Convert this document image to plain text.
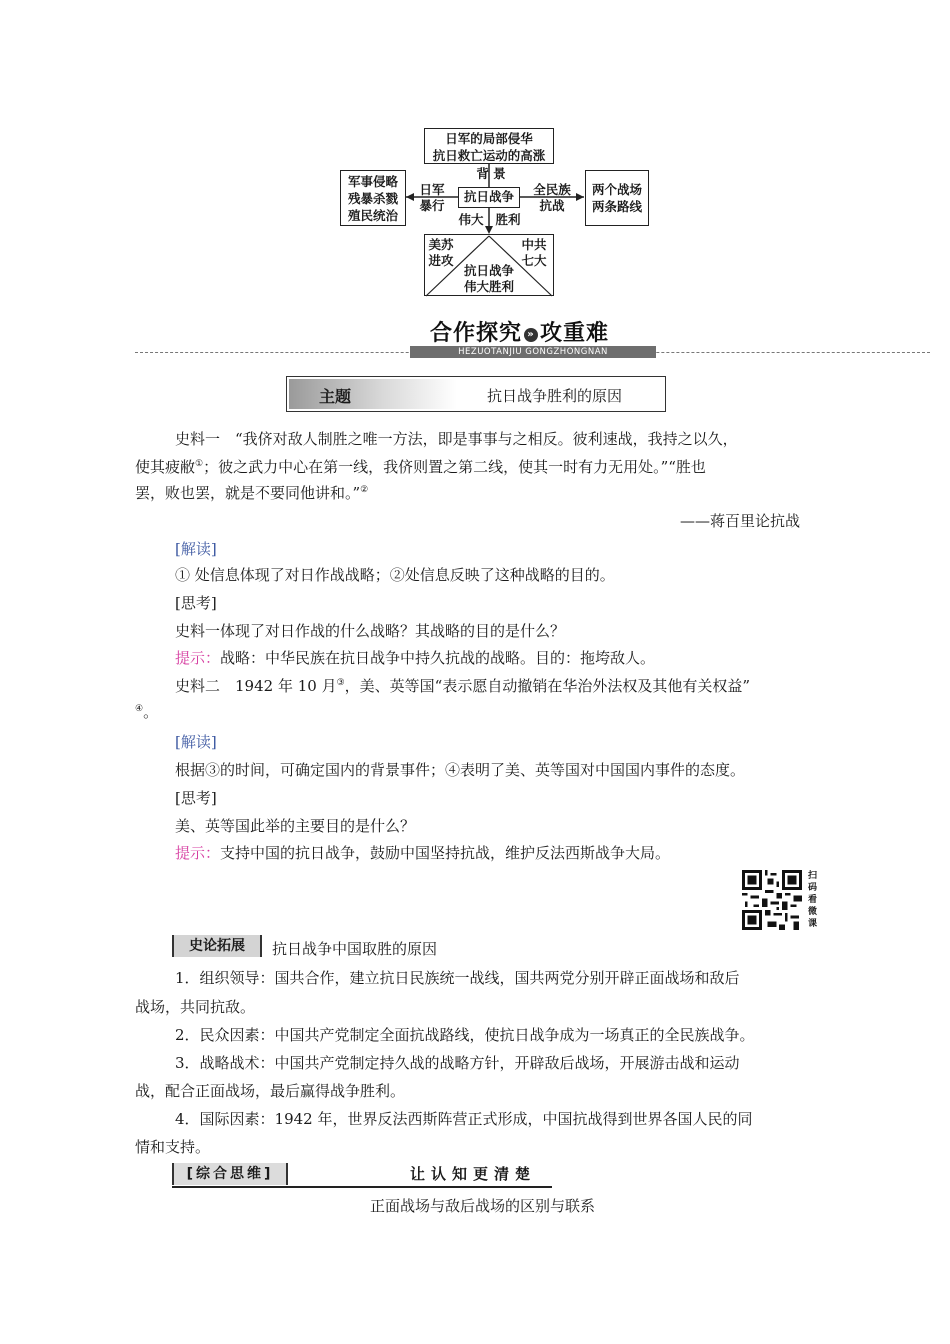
日军的局部侵华
抗日救亡运动的高涨
背 景
军事侵略
残暴杀戮
殖民统治
日军
暴行
抗日战争	全民族
抗战
两个战场
两条路线
伟大 胜利
美苏
进攻
中共
七大
抗日战争
伟大胜利
合作探究 » 攻重难
HEZUOTANJIU GONGZHONGNAN
主题	抗日战争胜利的原因
史料一　“我侪对敌人制胜之唯一方法，即是事事与之相反。彼利速战，我持之以久，
使其疲敝①；彼之武力中心在第一线，我侪则置之第二线，使其一时有力无用处。”“胜也
罢，败也罢，就是不要同他讲和。”②
——蒋百里论抗战
[解读]
① 处信息体现了对日作战战略；②处信息反映了这种战略的目的。
[思考]
史料一体现了对日作战的什么战略？其战略的目的是什么？
提示：战略：中华民族在抗日战争中持久抗战的战略。目的：拖垮敌人。
史料二　1942 年 10 月③，美、英等国“表示愿自动撤销在华治外法权及其他有关权益”
④。
[解读]
根据③的时间，可确定国内的背景事件；④表明了美、英等国对中国国内事件的态度。
[思考]
美、英等国此举的主要目的是什么？
提示：支持中国的抗日战争，鼓励中国坚持抗战，维护反法西斯战争大局。
扫
码
看
微
课
史论拓展	抗日战争中国取胜的原因
1．组织领导：国共合作，建立抗日民族统一战线，国共两党分别开辟正面战场和敌后
战场，共同抗敌。
2．民众因素：中国共产党制定全面抗战路线，使抗日战争成为一场真正的全民族战争。
3．战略战术：中国共产党制定持久战的战略方针，开辟敌后战场，开展游击战和运动
战，配合正面战场，最后赢得战争胜利。
4．国际因素：1942 年，世界反法西斯阵营正式形成，中国抗战得到世界各国人民的同
情和支持。
[综合思维]	让认知更清楚
正面战场与敌后战场的区别与联系
